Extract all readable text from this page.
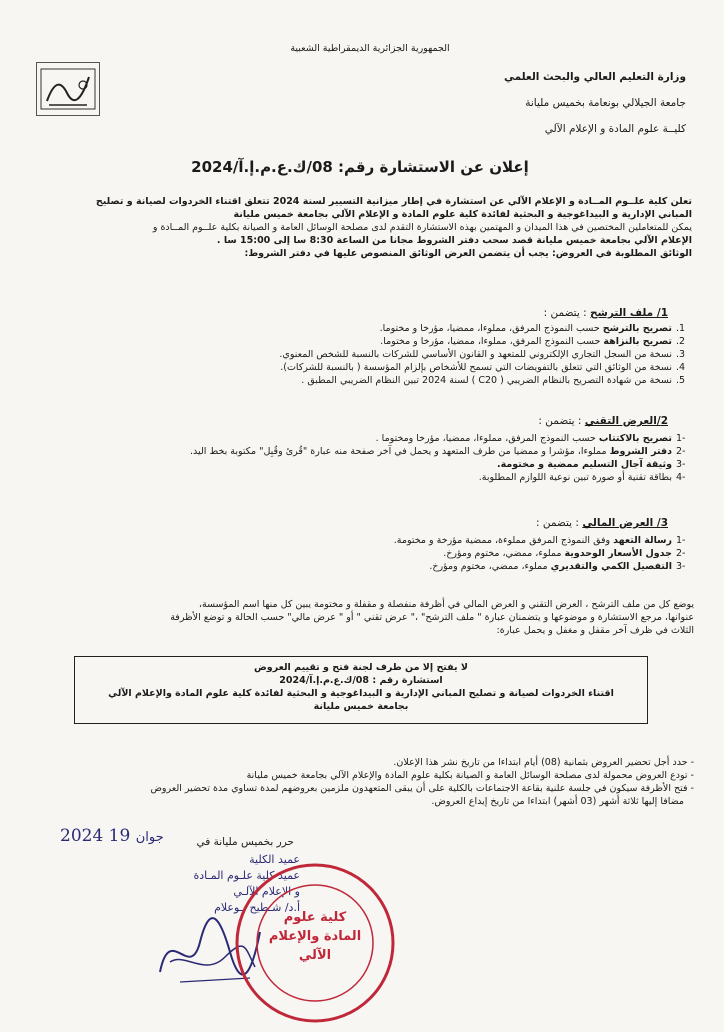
الجمهورية الجزائرية الديمقراطية الشعبية
وزارة التعليم العالي والبحث العلمي
جامعة الجيلالي بونعامة بخميس مليانة
كليــة علوم المادة و الإعلام الآلي
إعلان عن الاستشارة رقم: 08/ك.ع.م.إ.آ/2024
تعلن كلية علــوم المــادة و الإعلام الآلي عن استشارة في إطار ميزانية التسيير لسنة 2024 تتعلق اقتناء الخردوات لصيانة و تصليح
المباني الإدارية و البيداغوجية و البحثية لفائدة كلية علوم المادة و الإعلام الآلي بجامعة خميس مليانة
يمكن للمتعاملين المختصين في هذا الميدان و المهتمين بهذه الاستشارة التقدم لدى مصلحة الوسائل العامة و الصيانة بكلية علــوم المــادة و
الإعلام الآلي بجامعة خميس مليانة قصد سحب دفتر الشروط مجانا من الساعة 8:30 سا إلى 15:00 سا .
الوثائق المطلوبة في العروض: يجب أن يتضمن العرض الوثائق المنصوص عليها في دفتر الشروط:
1/ ملف الترشح : يتضمن :
1.
تصريح بالترشح حسب النموذج المرفق، مملوءا، ممضيا، مؤرخا و مختوما.
2.
تصريح بالنزاهة حسب النموذج المرفق، مملوءا، ممضيا، مؤرخا و مختوما.
3.
نسخة من السجل التجاري الإلكتروني للمتعهد و القانون الأساسي للشركات بالنسبة للشخص المعنوي.
4.
نسخة من الوثائق التي تتعلق بالتفويضات التي تسمح للأشخاص بإلزام المؤسسة ( بالنسبة للشركات).
5.
نسخة من شهادة التصريح بالنظام الضريبي ( C20 ) لسنة 2024 تبين النظام الضريبي المطبق .
2/العرض التقني : يتضمن :
-1
تصريح بالاكتتاب حسب النموذج المرفق، مملوءا، ممضيا، مؤرخا ومختوما .
-2
دفتر الشروط مملوءا، مؤشرا و ممضيا من طرف المتعهد و يحمل في آخر صفحة منه عبارة "قُرئ وقُبِل" مكتوبة بخط اليد.
-3
وثيقة آجال التسليم ممضية و مختومة.
-4
بطاقة تقنية أو صورة تبين نوعية اللوازم المطلوبة.
3/ العرض المالي : يتضمن :
-1
رسالة التعهد وفق النموذج المرفق مملوءة، ممضية مؤرخة و مختومة.
-2
جدول الأسعار الوحدوية مملوء، ممضي، مختوم ومؤرخ.
-3
التفصيل الكمي والتقديري مملوء، ممضي، مختوم ومؤرخ.
يوضع كل من ملف الترشح ، العرض التقني و العرض المالي في أظرفة منفصلة و مقفلة و مختومة يبين كل منها اسم المؤسسة،
عنوانها، مرجع الاستشارة و موضوعها و يتضمنان عبارة " ملف الترشح" ،" عرض تقني " أو " عرض مالي" حسب الحالة و توضع الأظرفة
الثلاث في ظرف آخر مقفل و مغفل و يحمل عبارة:
لا يفتح إلا من طرف لجنة فتح و تقييم العروض
استشارة رقم : 08/ك.ع.م.إ.آ/2024
اقتناء الخردوات لصيانة و تصليح المباني الإدارية و البيداغوجية و البحثية لفائدة كلية علوم المادة والإعلام الآلي
بجامعة خميس مليانة
- حدد أجل تحضير العروض بثمانية (08) أيام ابتداءا من تاريخ نشر هذا الإعلان.
- تودع العروض محمولة لدى مصلحة الوسائل العامة و الصيانة بكلية علوم المادة والإعلام الآلي بجامعة خميس مليانة
- فتح الأظرفة سيكون في جلسة علنية بقاعة الاجتماعات بالكلية على أن يبقى المتعهدون ملزمين بعروضهم لمدة تساوي مدة تحضير العروض
مضافا إليها ثلاثة أشهر (03 أشهر) ابتداءا من تاريخ إيداع العروض.
حرر بخميس مليانة في
2024 جوان 19
عميد الكلية
عميد كلية علـوم المـادة
و الإعلام الآلـي
أ.د/ شـطيح بـوعلام
كلية علوم
المادة والإعلام
الآلي
